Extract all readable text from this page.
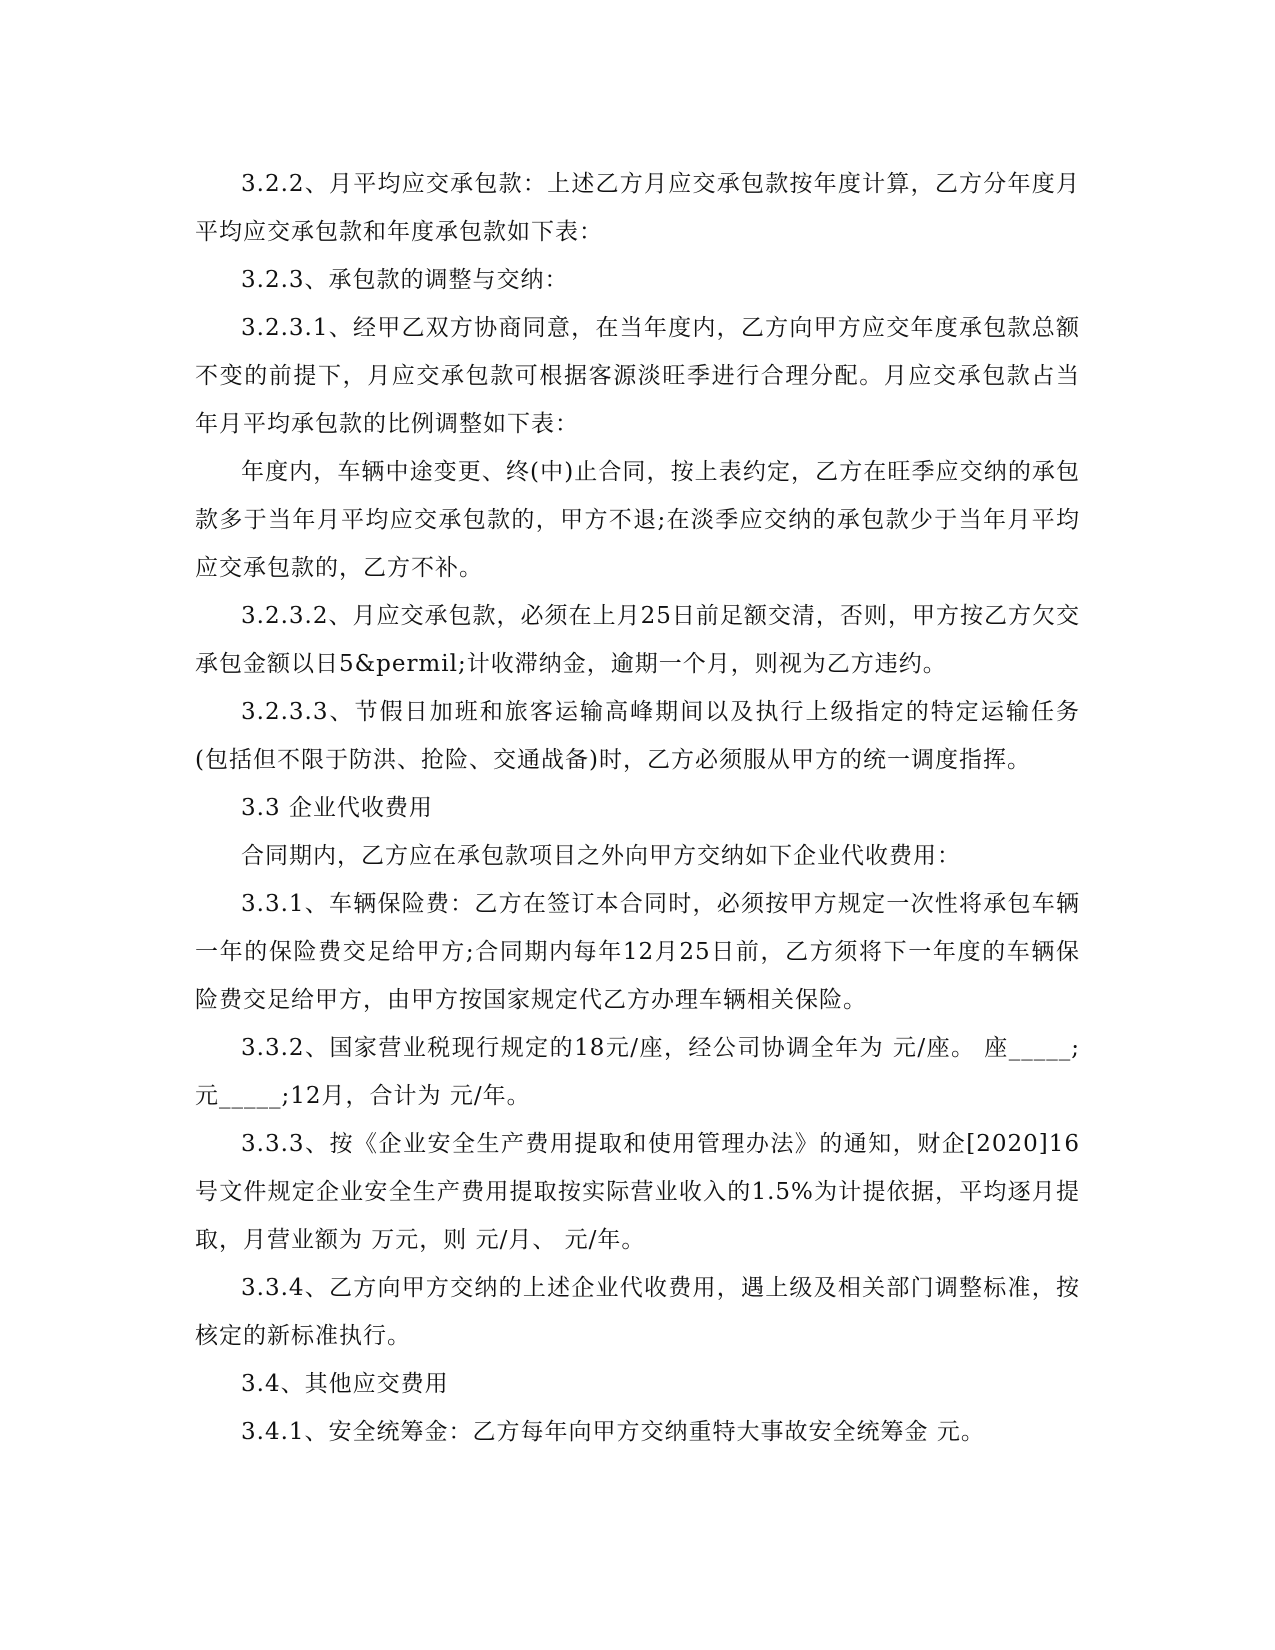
3.2.2、月平均应交承包款：上述乙方月应交承包款按年度计算，乙方分年度月平均应交承包款和年度承包款如下表：

3.2.3、承包款的调整与交纳：

3.2.3.1、经甲乙双方协商同意，在当年度内，乙方向甲方应交年度承包款总额不变的前提下，月应交承包款可根据客源淡旺季进行合理分配。月应交承包款占当年月平均承包款的比例调整如下表：

年度内，车辆中途变更、终(中)止合同，按上表约定，乙方在旺季应交纳的承包款多于当年月平均应交承包款的，甲方不退;在淡季应交纳的承包款少于当年月平均应交承包款的，乙方不补。

3.2.3.2、月应交承包款，必须在上月25日前足额交清，否则，甲方按乙方欠交承包金额以日5&permil;计收滞纳金，逾期一个月，则视为乙方违约。

3.2.3.3、节假日加班和旅客运输高峰期间以及执行上级指定的特定运输任务(包括但不限于防洪、抢险、交通战备)时，乙方必须服从甲方的统一调度指挥。

3.3 企业代收费用

合同期内，乙方应在承包款项目之外向甲方交纳如下企业代收费用：

3.3.1、车辆保险费：乙方在签订本合同时，必须按甲方规定一次性将承包车辆一年的保险费交足给甲方;合同期内每年12月25日前，乙方须将下一年度的车辆保险费交足给甲方，由甲方按国家规定代乙方办理车辆相关保险。

3.3.2、国家营业税现行规定的18元/座，经公司协调全年为 元/座。 座_____; 元_____;12月，合计为 元/年。

3.3.3、按《企业安全生产费用提取和使用管理办法》的通知，财企[2020]16号文件规定企业安全生产费用提取按实际营业收入的1.5%为计提依据，平均逐月提取，月营业额为 万元，则 元/月、 元/年。

3.3.4、乙方向甲方交纳的上述企业代收费用，遇上级及相关部门调整标准，按核定的新标准执行。

3.4、其他应交费用

3.4.1、安全统筹金：乙方每年向甲方交纳重特大事故安全统筹金 元。
